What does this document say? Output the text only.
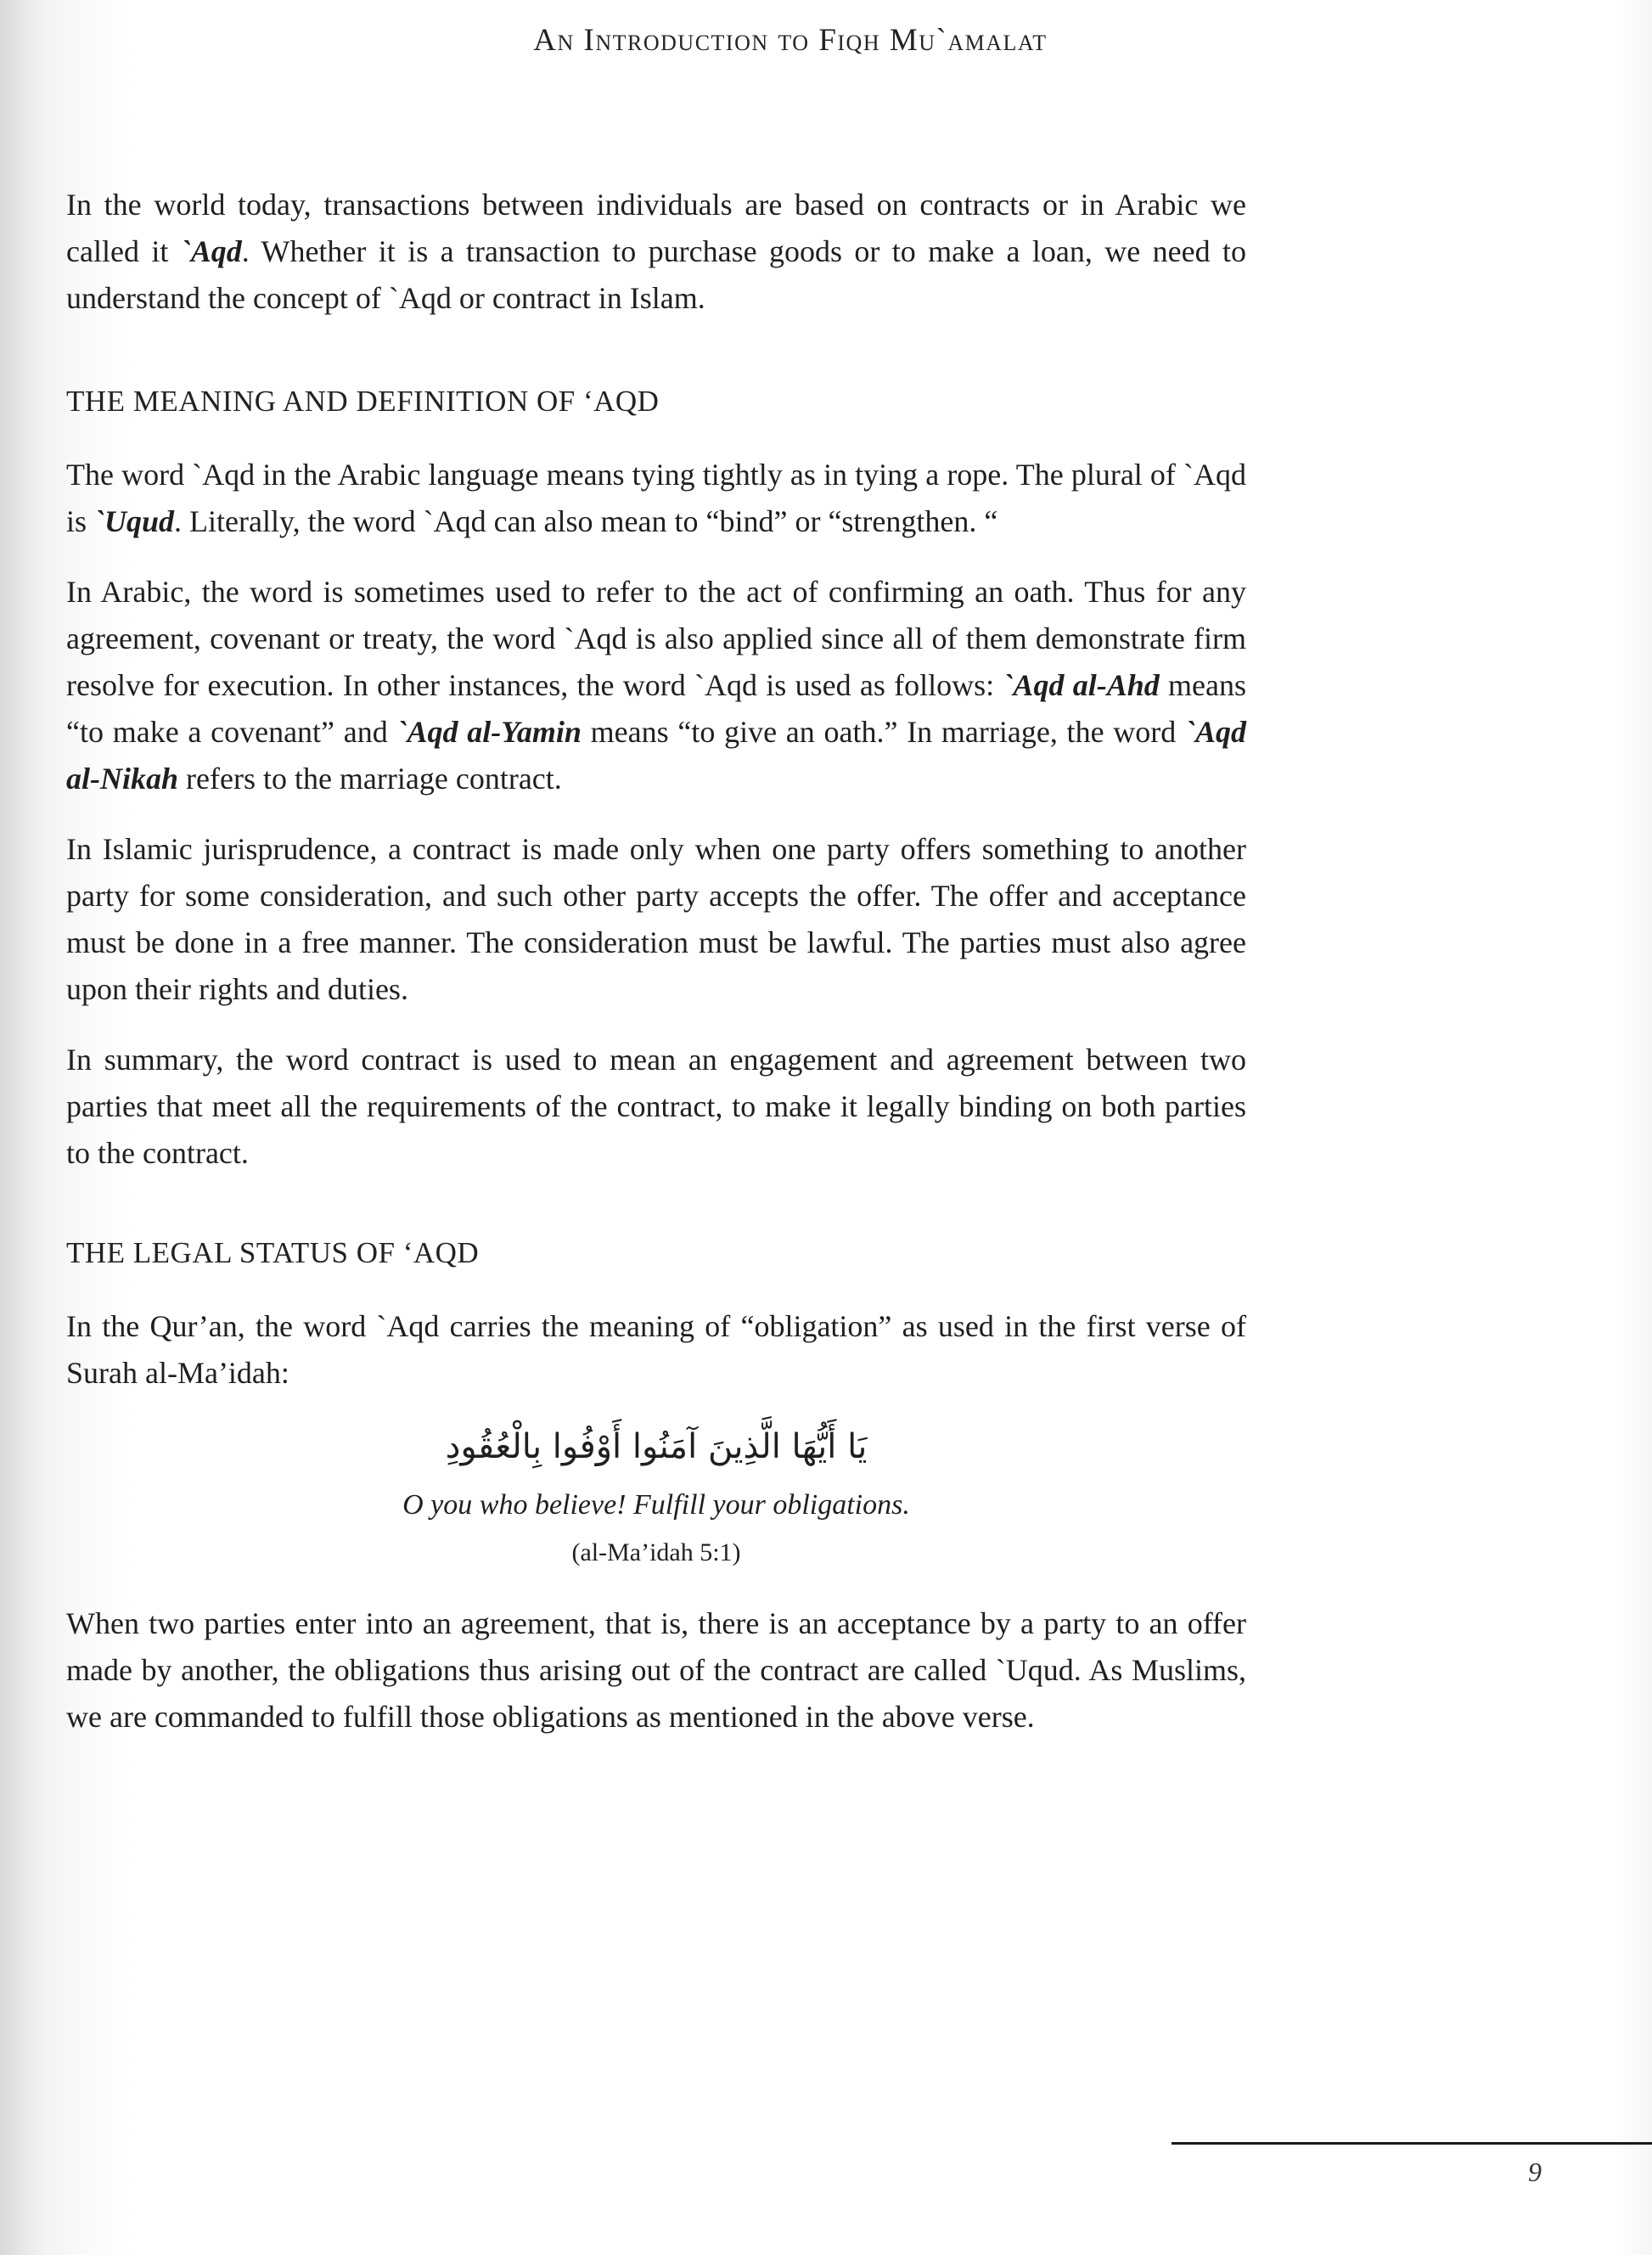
An Introduction to Fiqh Mu`amalat

In the world today, transactions between individuals are based on contracts or in Arabic we called it `Aqd. Whether it is a transaction to purchase goods or to make a loan, we need to understand the concept of `Aqd or contract in Islam.

THE MEANING AND DEFINITION OF ‘AQD

The word `Aqd in the Arabic language means tying tightly as in tying a rope. The plural of `Aqd is `Uqud. Literally, the word `Aqd can also mean to “bind” or “strengthen. “

In Arabic, the word is sometimes used to refer to the act of confirming an oath. Thus for any agreement, covenant or treaty, the word `Aqd is also applied since all of them demonstrate firm resolve for execution. In other instances, the word `Aqd is used as follows: `Aqd al-Ahd means “to make a covenant” and `Aqd al-Yamin means “to give an oath.” In marriage, the word `Aqd al-Nikah refers to the marriage contract.

In Islamic jurisprudence, a contract is made only when one party offers something to another party for some consideration, and such other party accepts the offer. The offer and acceptance must be done in a free manner. The consideration must be lawful. The parties must also agree upon their rights and duties.

In summary, the word contract is used to mean an engagement and agreement between two parties that meet all the requirements of the contract, to make it legally binding on both parties to the contract.

THE LEGAL STATUS OF ‘AQD

In the Qur’an, the word `Aqd carries the meaning of “obligation” as used in the first verse of Surah al-Ma’idah:

يَا أَيُّهَا الَّذِينَ آمَنُوا أَوْفُوا بِالْعُقُودِ

O you who believe! Fulfill your obligations.

(al-Ma’idah 5:1)

When two parties enter into an agreement, that is, there is an acceptance by a party to an offer made by another, the obligations thus arising out of the contract are called `Uqud. As Muslims, we are commanded to fulfill those obligations as mentioned in the above verse.

9
